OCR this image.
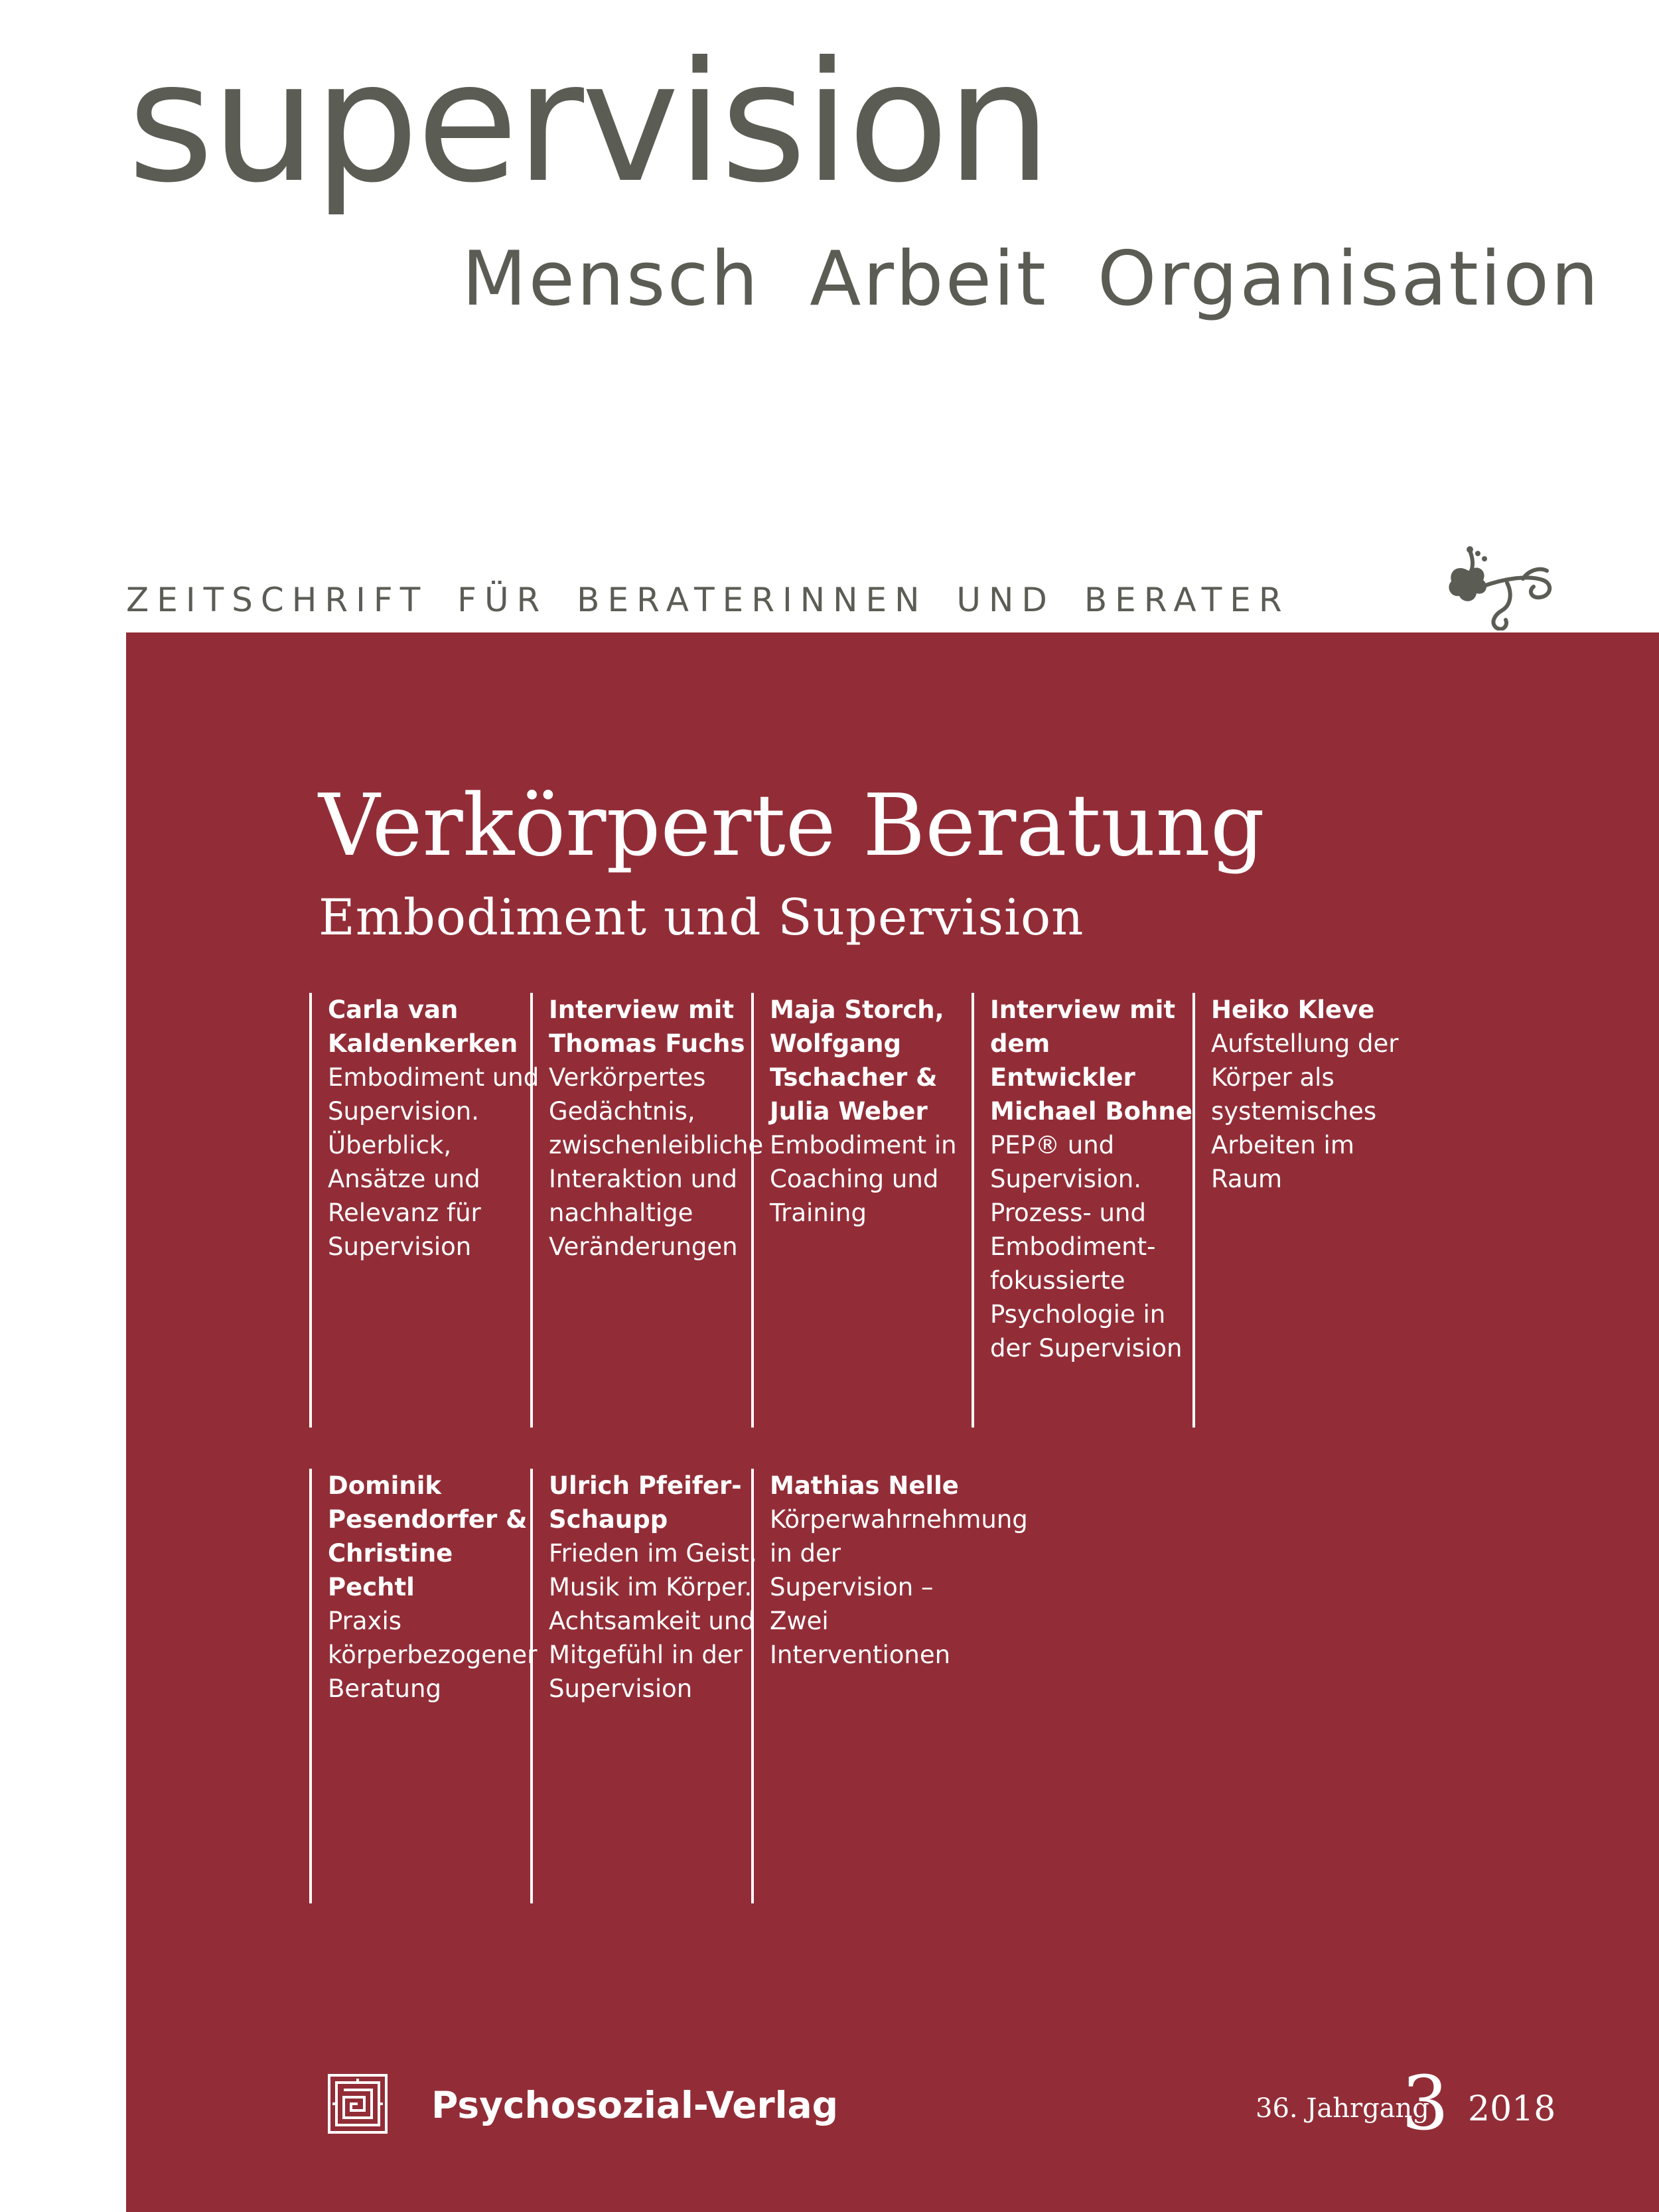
supervision
Mensch Arbeit Organisation

ZEITSCHRIFT FÜR BERATERINNEN UND BERATER

Verkörperte Beratung
Embodiment und Supervision
Carla van Kaldenkerken
Embodiment und Supervision. Überblick, Ansätze und Relevanz für Supervision
Interview mit Thomas Fuchs
Verkörpertes Gedächtnis, zwischenleibliche Interaktion und nachhaltige Veränderungen
Maja Storch, Wolfgang Tschacher & Julia Weber
Embodiment in Coaching und Training
Interview mit dem Entwickler Michael Bohne
PEP® und Supervision. Prozess- und Embodiment-fokussierte Psychologie in der Supervision
Heiko Kleve
Aufstellung der Körper als systemisches Arbeiten im Raum
Dominik Pesendorfer & Christine Pechtl
Praxis körperbezogener Beratung
Ulrich Pfeifer-Schaupp
Frieden im Geist, Musik im Körper. Achtsamkeit und Mitgefühl in der Supervision
Mathias Nelle
Körperwahrnehmung in der Supervision – Zwei Interventionen

Psychosozial-Verlag	36. Jahrgang
3 2018
